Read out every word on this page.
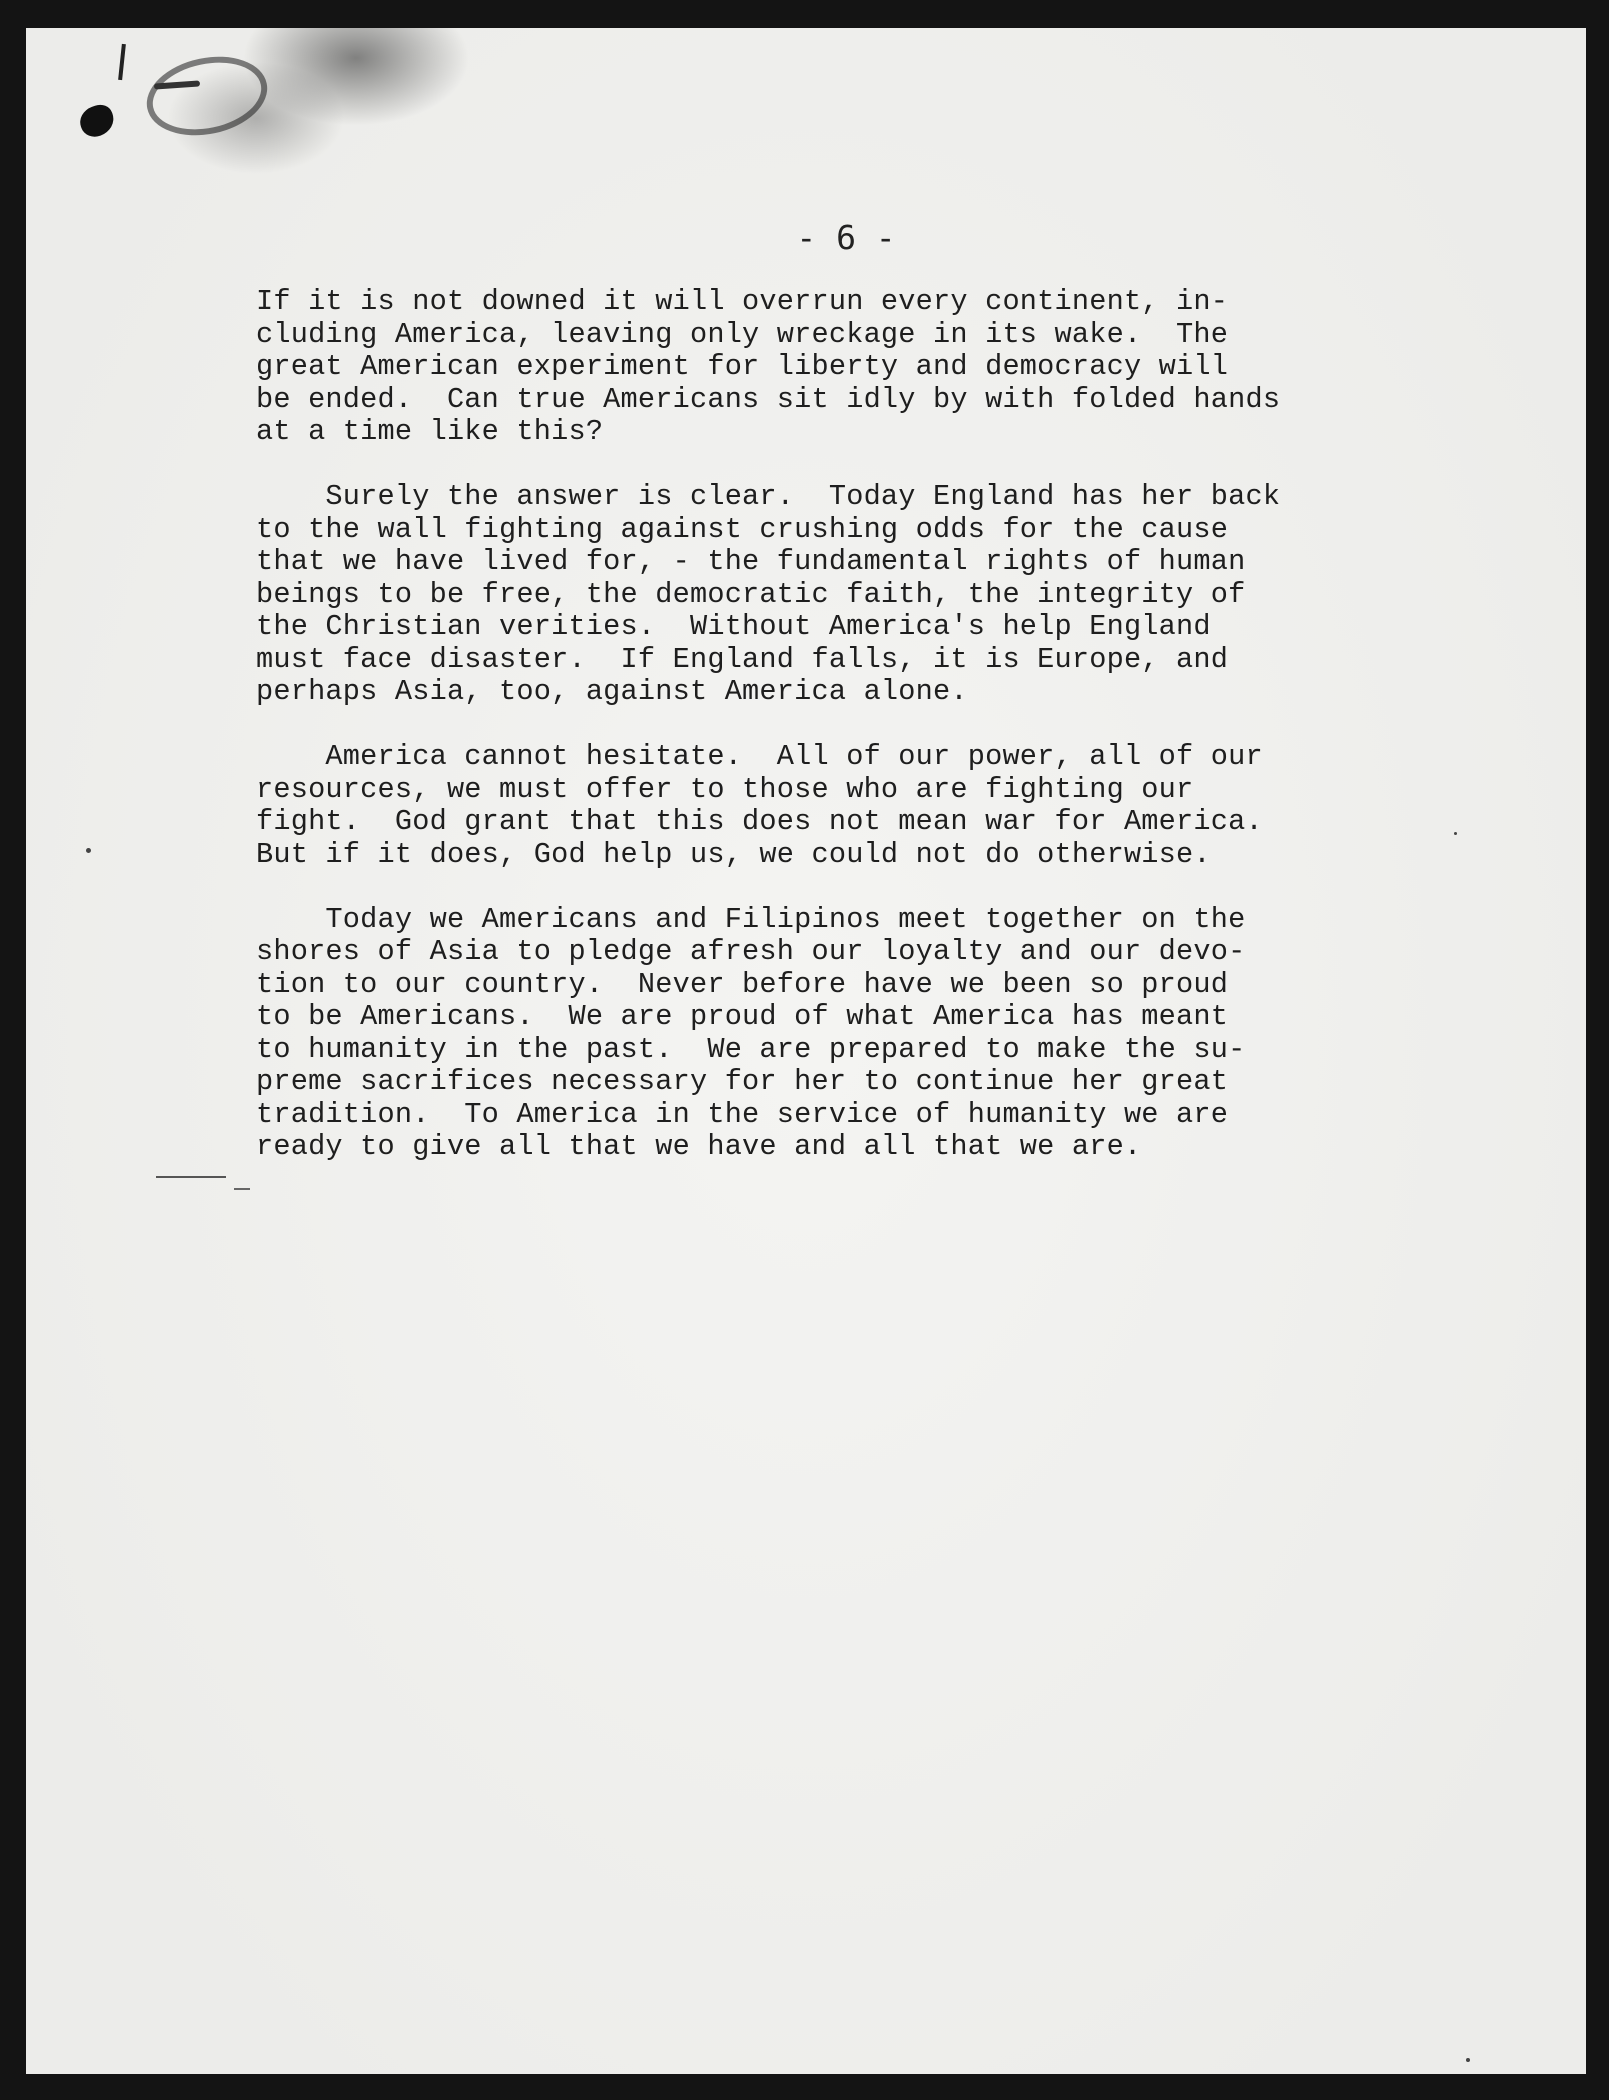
- 6 -

If it is not downed it will overrun every continent, in-
cluding America, leaving only wreckage in its wake.  The
great American experiment for liberty and democracy will
be ended.  Can true Americans sit idly by with folded hands
at a time like this?

Surely the answer is clear.  Today England has her back
to the wall fighting against crushing odds for the cause
that we have lived for, - the fundamental rights of human
beings to be free, the democratic faith, the integrity of
the Christian verities.  Without America's help England
must face disaster.  If England falls, it is Europe, and
perhaps Asia, too, against America alone.

America cannot hesitate.  All of our power, all of our
resources, we must offer to those who are fighting our
fight.  God grant that this does not mean war for America.
But if it does, God help us, we could not do otherwise.

Today we Americans and Filipinos meet together on the
shores of Asia to pledge afresh our loyalty and our devo-
tion to our country.  Never before have we been so proud
to be Americans.  We are proud of what America has meant
to humanity in the past.  We are prepared to make the su-
preme sacrifices necessary for her to continue her great
tradition.  To America in the service of humanity we are
ready to give all that we have and all that we are.
